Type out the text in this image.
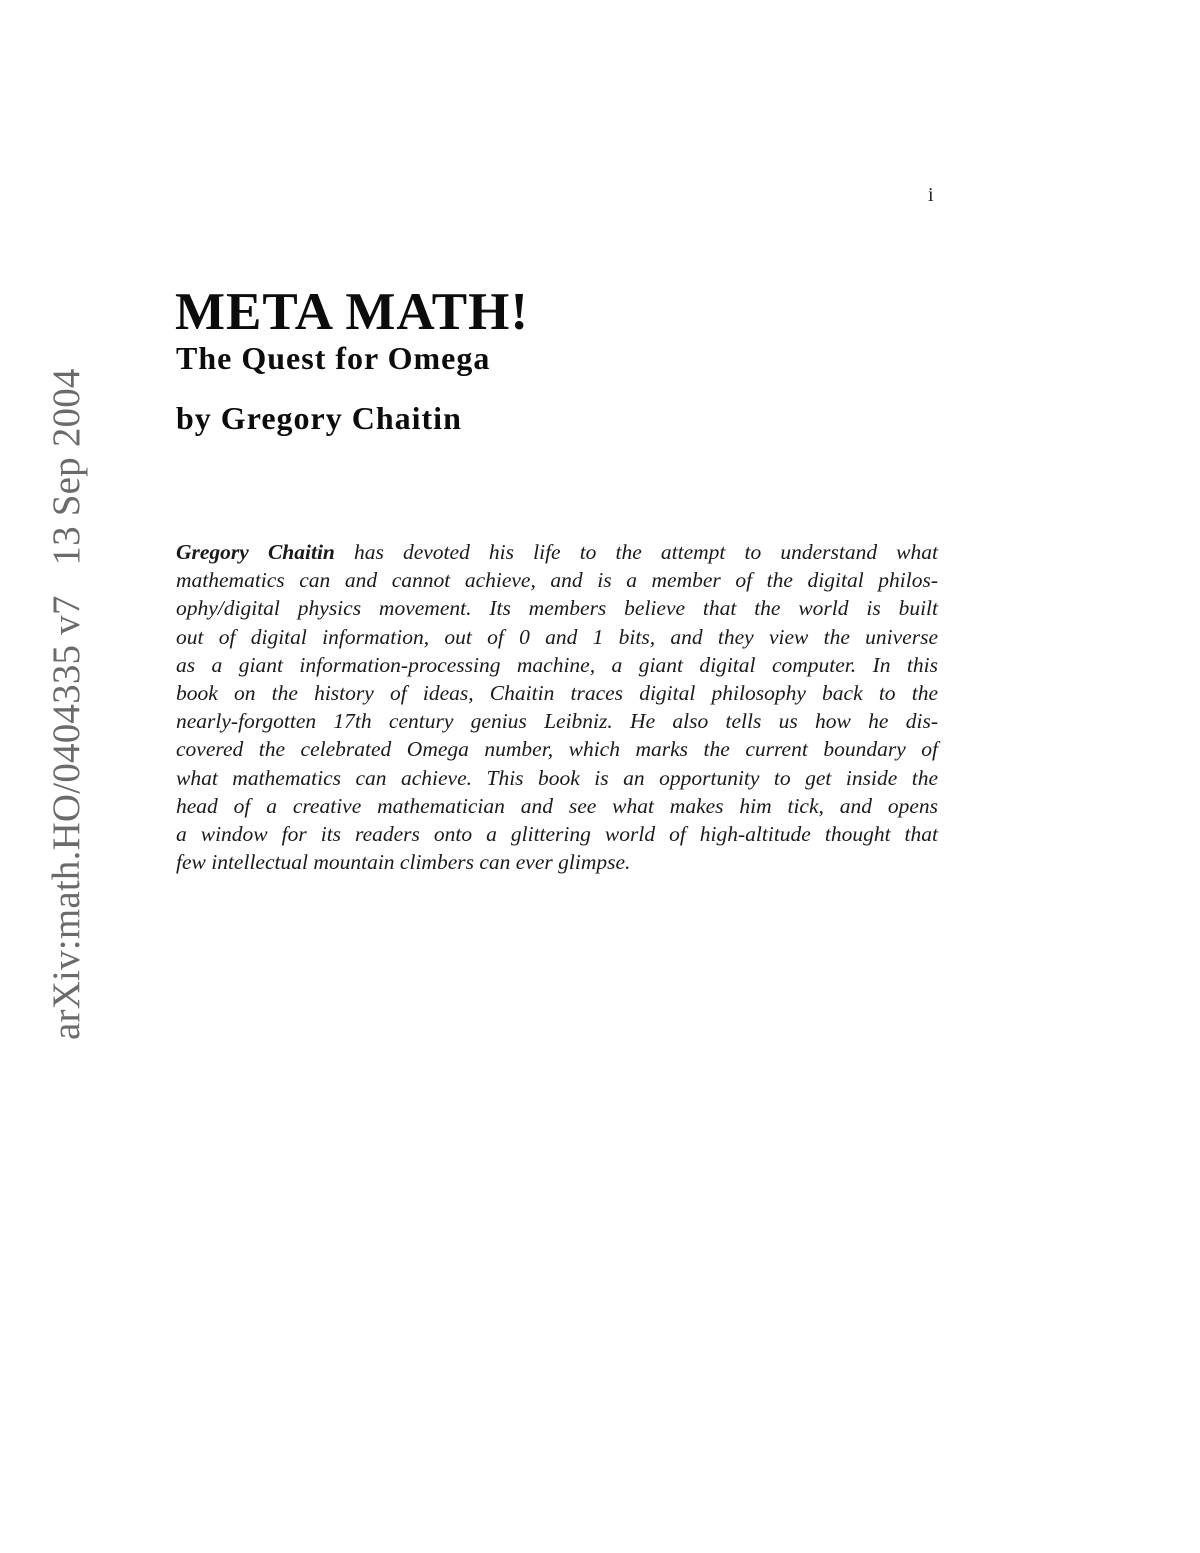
i
arXiv:math.HO/0404335 v7   13 Sep 2004
META MATH!
The Quest for Omega
by Gregory Chaitin
Gregory Chaitin has devoted his life to the attempt to understand what
mathematics can and cannot achieve, and is a member of the digital philos-
ophy/digital physics movement. Its members believe that the world is built
out of digital information, out of 0 and 1 bits, and they view the universe
as a giant information-processing machine, a giant digital computer. In this
book on the history of ideas, Chaitin traces digital philosophy back to the
nearly-forgotten 17th century genius Leibniz. He also tells us how he dis-
covered the celebrated Omega number, which marks the current boundary of
what mathematics can achieve. This book is an opportunity to get inside the
head of a creative mathematician and see what makes him tick, and opens
a window for its readers onto a glittering world of high-altitude thought that
few intellectual mountain climbers can ever glimpse.
